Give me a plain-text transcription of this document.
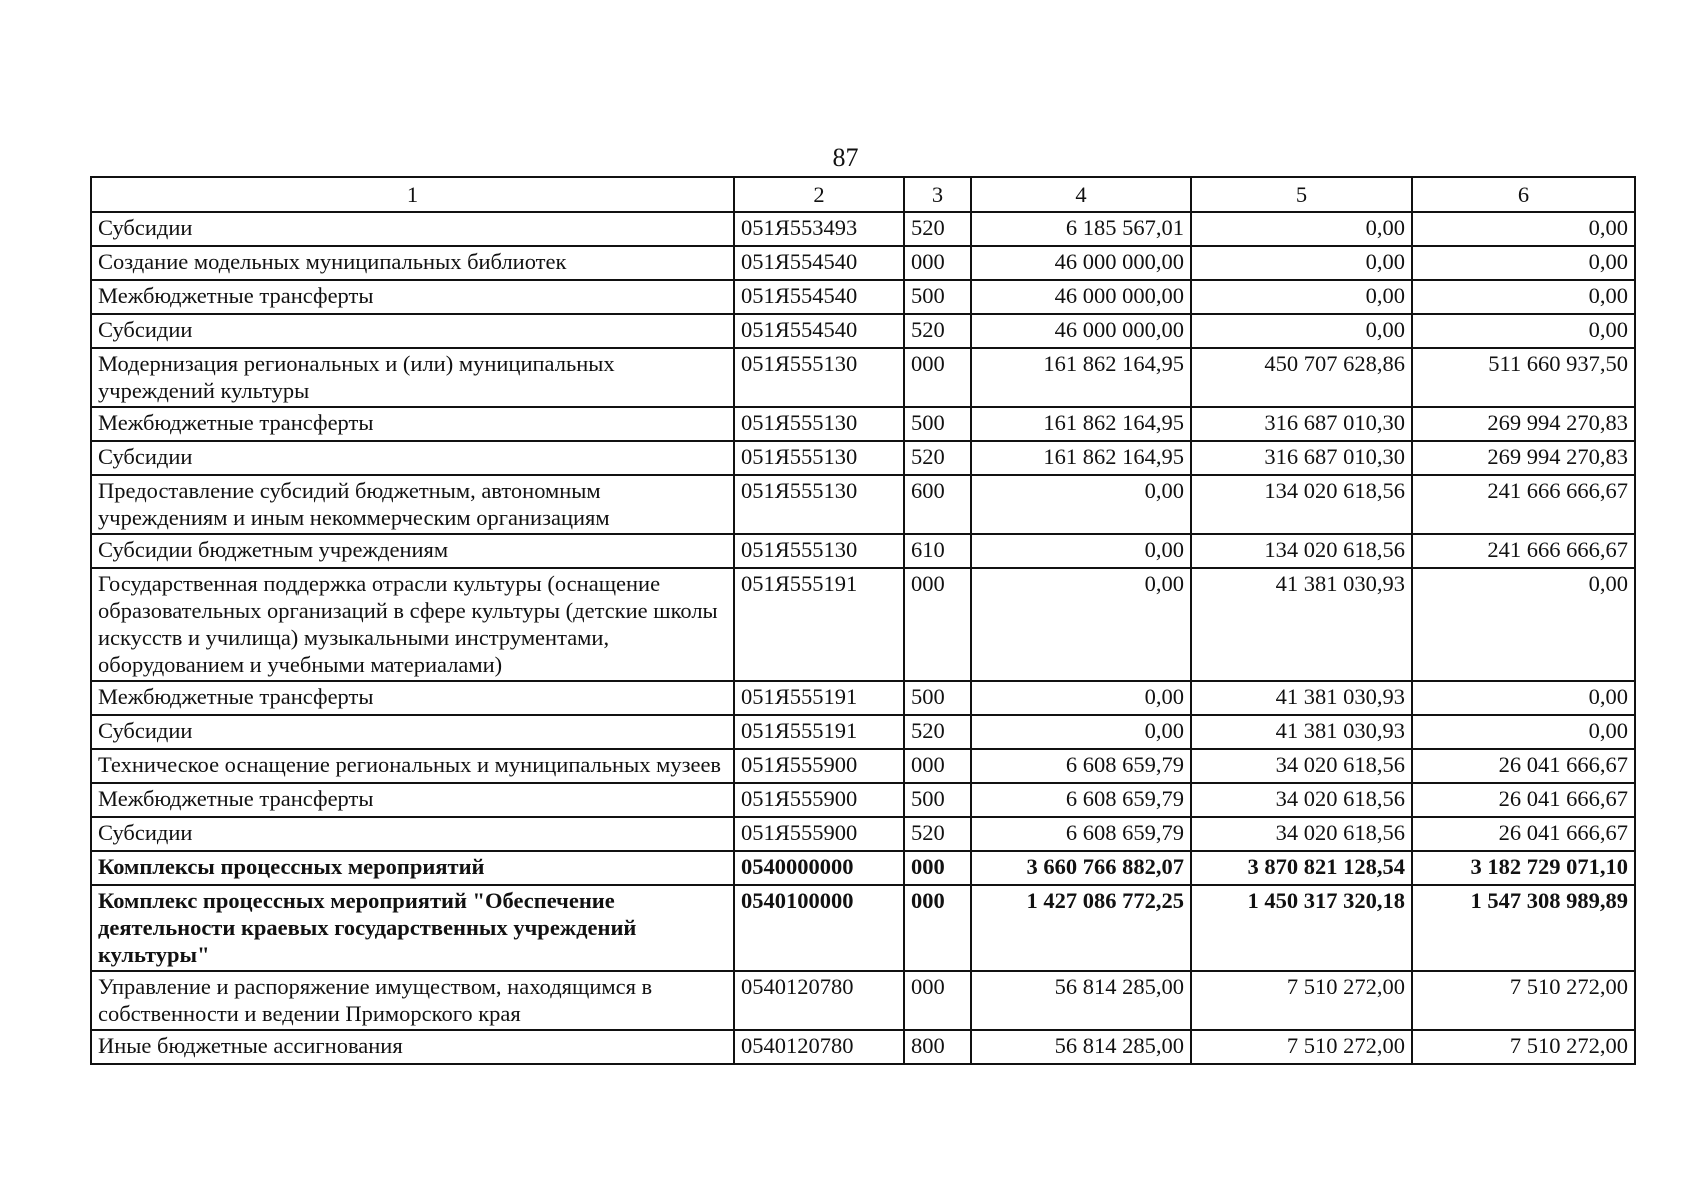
87
1	2	3	4	5	6
Субсидии	051Я553493	520	6 185 567,01	0,00	0,00
Создание модельных муниципальных библиотек	051Я554540	000	46 000 000,00	0,00	0,00
Межбюджетные трансферты	051Я554540	500	46 000 000,00	0,00	0,00
Субсидии	051Я554540	520	46 000 000,00	0,00	0,00
Модернизация региональных и (или) муниципальных учреждений культуры	051Я555130	000	161 862 164,95	450 707 628,86	511 660 937,50
Межбюджетные трансферты	051Я555130	500	161 862 164,95	316 687 010,30	269 994 270,83
Субсидии	051Я555130	520	161 862 164,95	316 687 010,30	269 994 270,83
Предоставление субсидий бюджетным, автономным учреждениям и иным некоммерческим организациям	051Я555130	600	0,00	134 020 618,56	241 666 666,67
Субсидии бюджетным учреждениям	051Я555130	610	0,00	134 020 618,56	241 666 666,67
Государственная поддержка отрасли культуры (оснащение образовательных организаций в сфере культуры (детские школы искусств и училища) музыкальными инструментами, оборудованием и учебными материалами)	051Я555191	000	0,00	41 381 030,93	0,00
Межбюджетные трансферты	051Я555191	500	0,00	41 381 030,93	0,00
Субсидии	051Я555191	520	0,00	41 381 030,93	0,00
Техническое оснащение региональных и муниципальных музеев	051Я555900	000	6 608 659,79	34 020 618,56	26 041 666,67
Межбюджетные трансферты	051Я555900	500	6 608 659,79	34 020 618,56	26 041 666,67
Субсидии	051Я555900	520	6 608 659,79	34 020 618,56	26 041 666,67
Комплексы процессных мероприятий	0540000000	000	3 660 766 882,07	3 870 821 128,54	3 182 729 071,10
Комплекс процессных мероприятий "Обеспечение деятельности краевых государственных учреждений культуры"	0540100000	000	1 427 086 772,25	1 450 317 320,18	1 547 308 989,89
Управление и распоряжение имуществом, находящимся в собственности и ведении Приморского края	0540120780	000	56 814 285,00	7 510 272,00	7 510 272,00
Иные бюджетные ассигнования	0540120780	800	56 814 285,00	7 510 272,00	7 510 272,00
